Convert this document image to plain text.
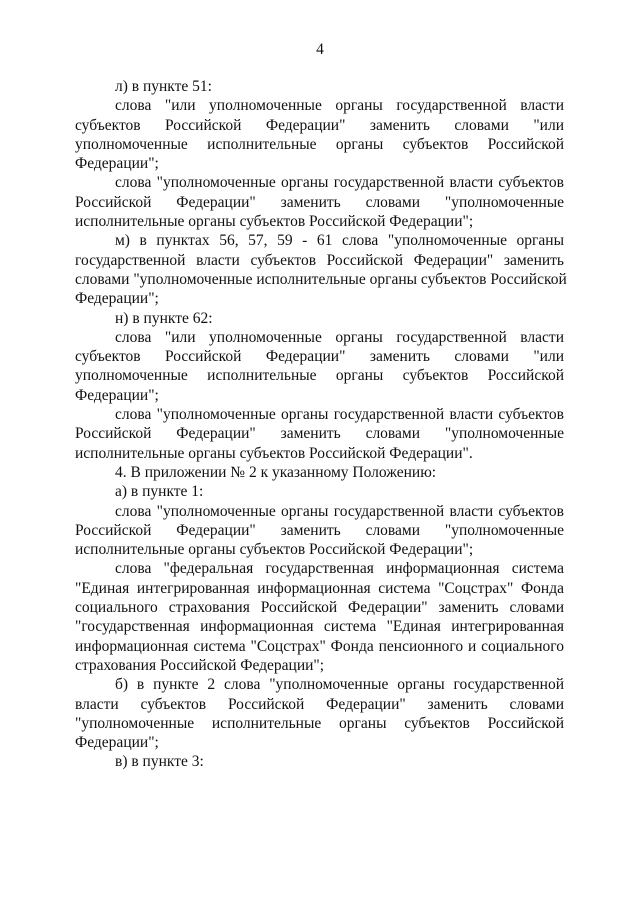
4
л) в пункте 51:
слова "или уполномоченные органы государственной власти
субъектов Российской Федерации" заменить словами "или
уполномоченные исполнительные органы субъектов Российской
Федерации";
слова "уполномоченные органы государственной власти субъектов
Российской Федерации" заменить словами "уполномоченные
исполнительные органы субъектов Российской Федерации";
м) в пунктах 56, 57, 59 - 61 слова "уполномоченные органы
государственной власти субъектов Российской Федерации" заменить
словами "уполномоченные исполнительные органы субъектов Российской
Федерации";
н) в пункте 62:
слова "или уполномоченные органы государственной власти
субъектов Российской Федерации" заменить словами "или
уполномоченные исполнительные органы субъектов Российской
Федерации";
слова "уполномоченные органы государственной власти субъектов
Российской Федерации" заменить словами "уполномоченные
исполнительные органы субъектов Российской Федерации".
4. В приложении № 2 к указанному Положению:
а) в пункте 1:
слова "уполномоченные органы государственной власти субъектов
Российской Федерации" заменить словами "уполномоченные
исполнительные органы субъектов Российской Федерации";
слова "федеральная государственная информационная система
"Единая интегрированная информационная система "Соцстрах" Фонда
социального страхования Российской Федерации" заменить словами
"государственная информационная система "Единая интегрированная
информационная система "Соцстрах" Фонда пенсионного и социального
страхования Российской Федерации";
б) в пункте 2 слова "уполномоченные органы государственной
власти субъектов Российской Федерации" заменить словами
"уполномоченные исполнительные органы субъектов Российской
Федерации";
в) в пункте 3:
